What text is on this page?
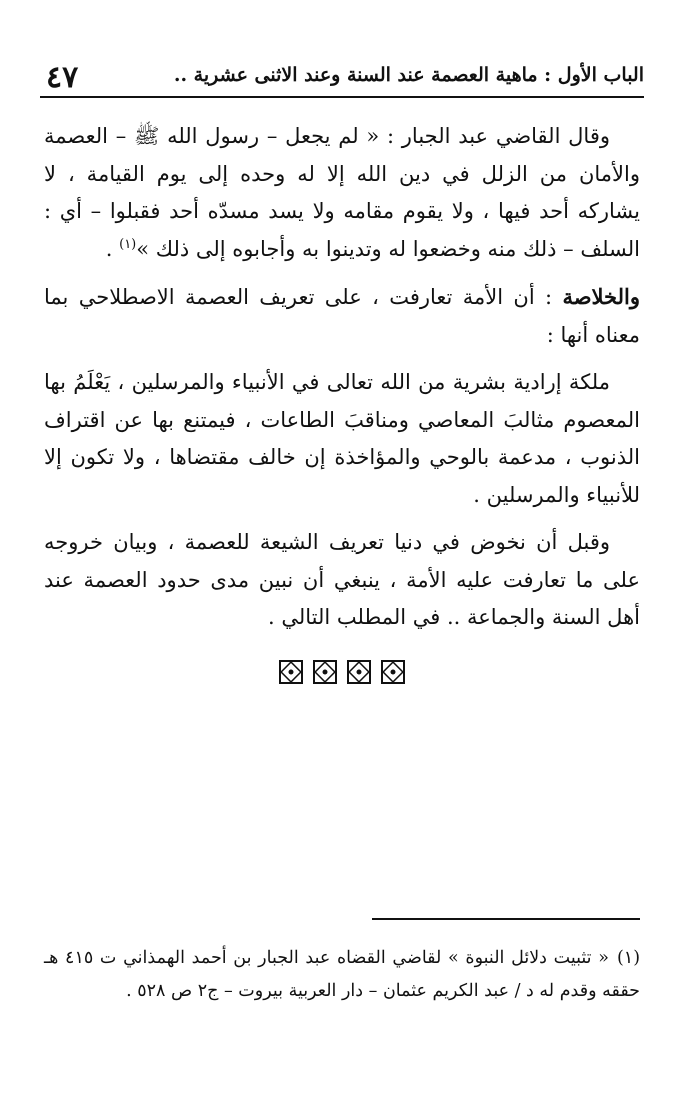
٤٧	الباب الأول : ماهية العصمة عند السنة وعند الاثنى عشرية ..

وقال القاضي عبد الجبار : « لم يجعل – رسول الله ﷺ – العصمة والأمان من الزلل في دين الله إلا له وحده إلى يوم القيامة ، لا يشاركه أحد فيها ، ولا يقوم مقامه ولا يسد مسدّه أحد فقبلوا – أي : السلف – ذلك منه وخضعوا له وتدينوا به وأجابوه إلى ذلك »$^{(١)}$ .

والخلاصة : أن الأمة تعارفت ، على تعريف العصمة الاصطلاحي بما معناه أنها :

ملكة إرادية بشرية من الله تعالى في الأنبياء والمرسلين ، يَعْلَمُ بها المعصوم مثالبَ المعاصي ومناقبَ الطاعات ، فيمتنع بها عن اقتراف الذنوب ، مدعمة بالوحي والمؤاخذة إن خالف مقتضاها ، ولا تكون إلا للأنبياء والمرسلين .

وقبل أن نخوض في دنيا تعريف الشيعة للعصمة ، وبيان خروجه على ما تعارفت عليه الأمة ، ينبغي أن نبين مدى حدود العصمة عند أهل السنة والجماعة .. في المطلب التالي .

(١)« تثبيت دلائل النبوة » لقاضي القضاه عبد الجبار بن أحمد الهمذاني ت ٤١٥ هـ حققه وقدم له د / عبد الكريم عثمان – دار العربية بيروت – ج٢ ص ٥٢٨ .
